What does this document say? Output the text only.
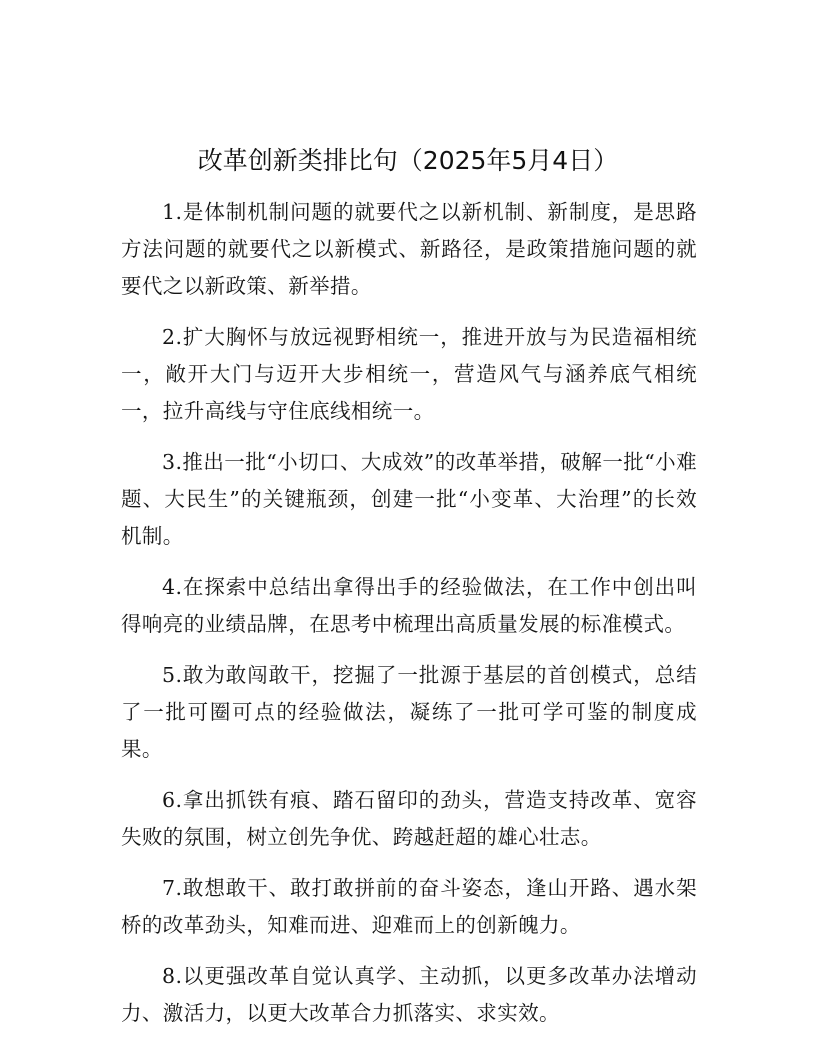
改革创新类排比句（2025年5月4日）

1.是体制机制问题的就要代之以新机制、新制度，是思路方法问题的就要代之以新模式、新路径，是政策措施问题的就要代之以新政策、新举措。

2.扩大胸怀与放远视野相统一，推进开放与为民造福相统一，敞开大门与迈开大步相统一，营造风气与涵养底气相统一，拉升高线与守住底线相统一。

3.推出一批“小切口、大成效”的改革举措，破解一批“小难题、大民生”的关键瓶颈，创建一批“小变革、大治理”的长效机制。

4.在探索中总结出拿得出手的经验做法，在工作中创出叫得响亮的业绩品牌，在思考中梳理出高质量发展的标准模式。

5.敢为敢闯敢干，挖掘了一批源于基层的首创模式，总结了一批可圈可点的经验做法，凝练了一批可学可鉴的制度成果。

6.拿出抓铁有痕、踏石留印的劲头，营造支持改革、宽容失败的氛围，树立创先争优、跨越赶超的雄心壮志。

7.敢想敢干、敢打敢拼前的奋斗姿态，逢山开路、遇水架桥的改革劲头，知难而进、迎难而上的创新魄力。

8.以更强改革自觉认真学、主动抓，以更多改革办法增动力、激活力，以更大改革合力抓落实、求实效。
